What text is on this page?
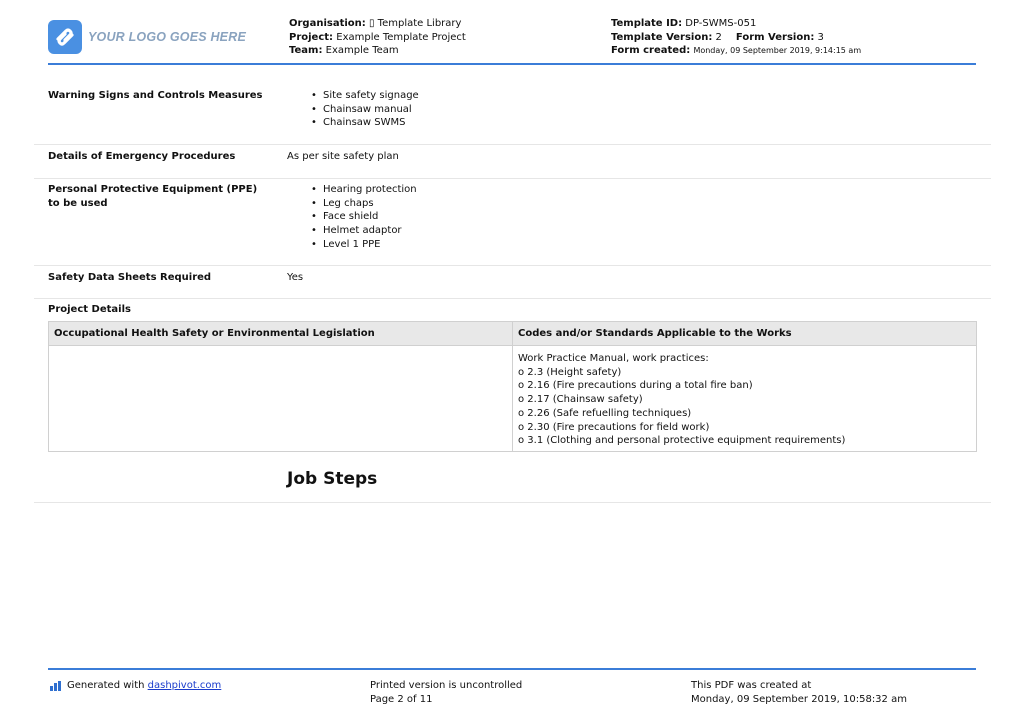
YOUR LOGO GOES HERE
Organisation: ▯ Template Library
Project: Example Template Project
Team: Example Team
Template ID: DP-SWMS-051
Template Version: 2 Form Version: 3
Form created: Monday, 09 September 2019, 9:14:15 am
Warning Signs and Controls Measures
•	Site safety signage
• Chainsaw manual
• Chainsaw SWMS
Details of Emergency Procedures	As per site safety plan
Personal Protective Equipment (PPE)
to be used
• Hearing protection
• Leg chaps
• Face shield
• Helmet adaptor
• Level 1 PPE
Safety Data Sheets Required	Yes
Project Details
Occupational Health Safety or Environmental Legislation	Codes and/or Standards Applicable to the Works
Work Practice Manual, work practices:
o 2.3 (Height safety)
o 2.16 (Fire precautions during a total fire ban)
o 2.17 (Chainsaw safety)
o 2.26 (Safe refuelling techniques)
o 2.30 (Fire precautions for field work)
o 3.1 (Clothing and personal protective equipment requirements)
Job Steps
Generated with
dashpivot.com	Printed version is uncontrolled
Page 2 of 11
This PDF was created at
Monday, 09 September 2019, 10:58:32 am
